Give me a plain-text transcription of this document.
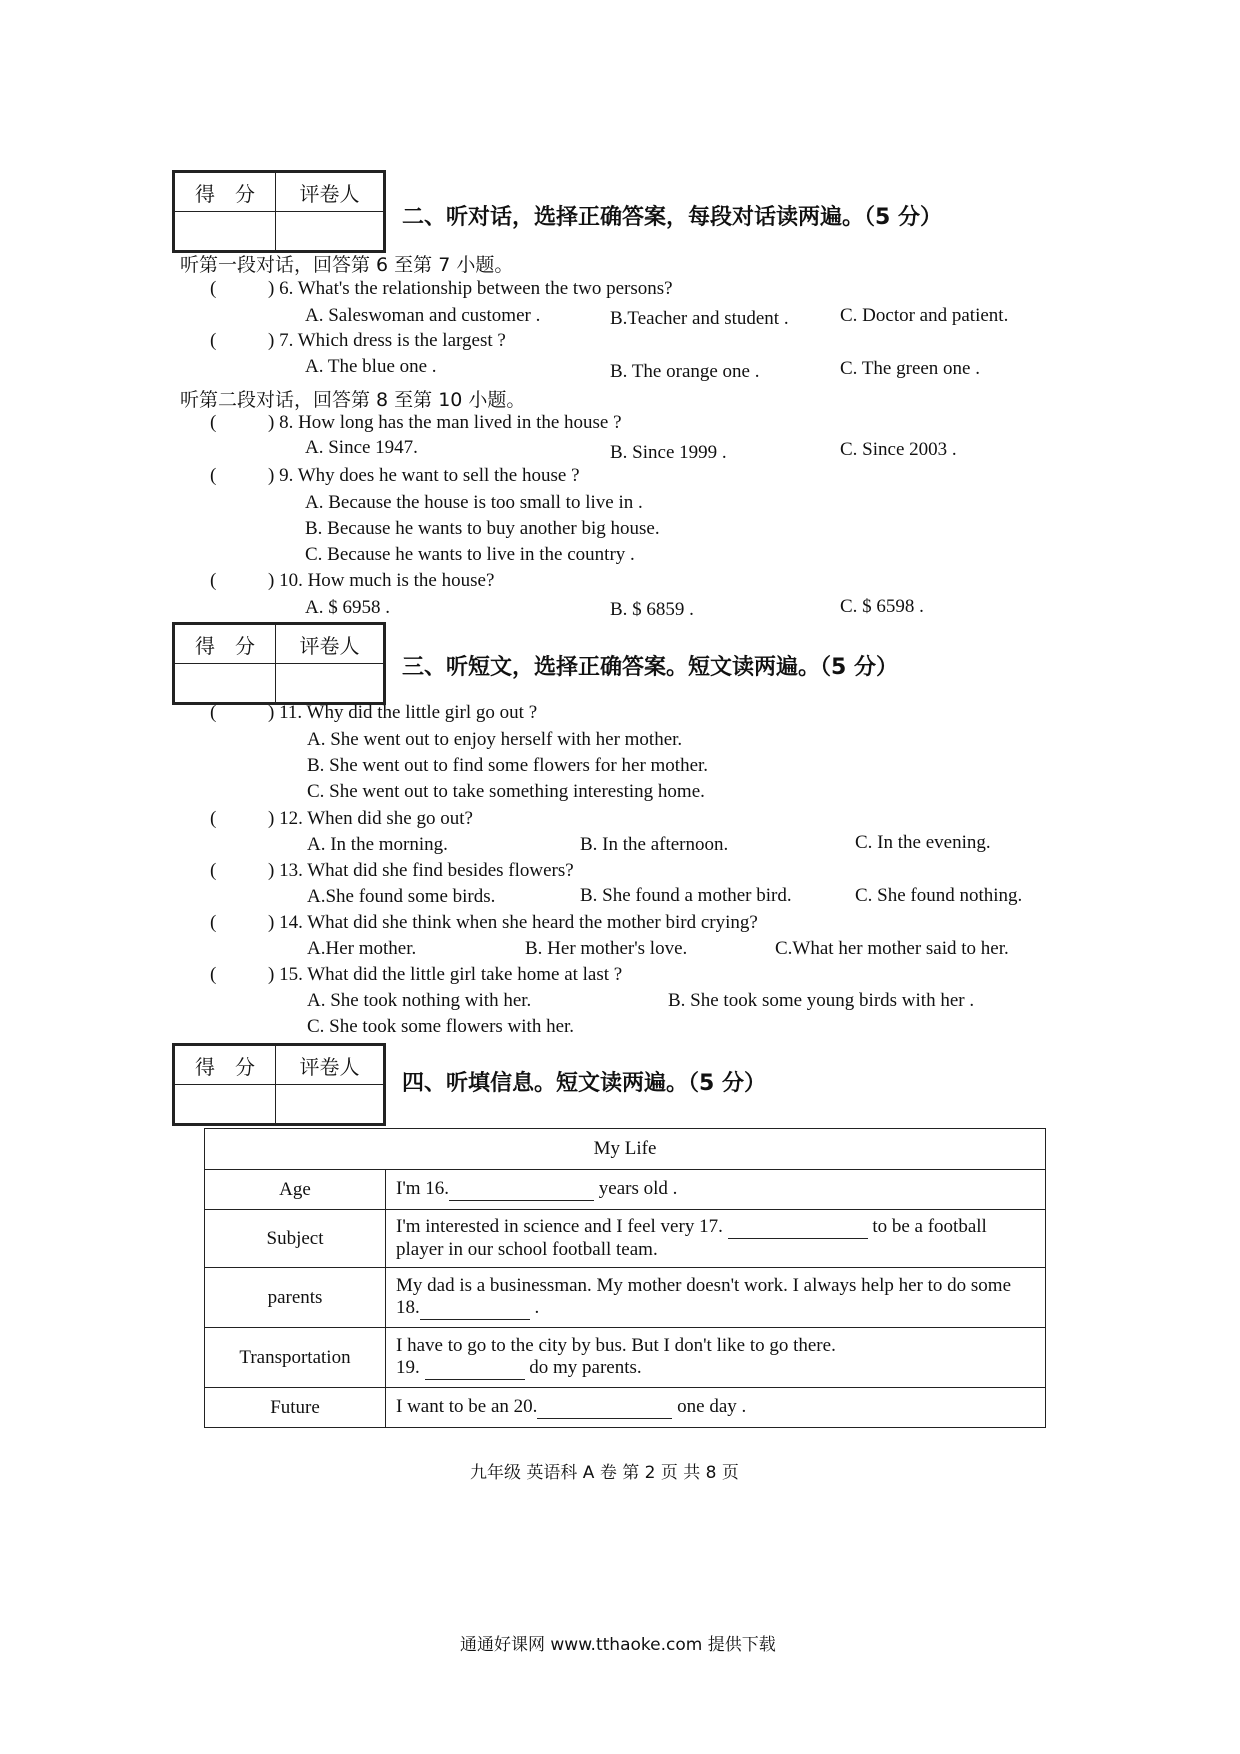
得　分	评卷人

二、听对话，选择正确答案，每段对话读两遍。（5 分）
听第一段对话，回答第 6 至第 7 小题。
(	) 6. What's the relationship between the two persons?
A. Saleswoman and customer .	B.Teacher and student .	C. Doctor and patient.
(	) 7. Which dress is the largest ?
A. The blue one .	B. The orange one .	C. The green one .
听第二段对话，回答第 8 至第 10 小题。
(	) 8. How long has the man lived in the house ?
A. Since 1947.	B. Since 1999 .	C. Since 2003 .
(	) 9. Why does he want to sell the house ?
A. Because the house is too small to live in .
B. Because he wants to buy another big house.
C. Because he wants to live in the country .
(	) 10. How much is the house?
A. $ 6958 .	B. $ 6859 .	C. $ 6598 .
得　分	评卷人

三、听短文，选择正确答案。短文读两遍。（5 分）
(	) 11. Why did the little girl go out ?
A. She went out to enjoy herself with her mother.
B. She went out to find some flowers for her mother.
C. She went out to take something interesting home.
(	) 12. When did she go out?
A. In the morning.	B. In the afternoon.	C. In the evening.
(	) 13. What did she find besides flowers?
A.She found some birds.	B. She found a mother bird.	C. She found nothing.
(	) 14. What did she think when she heard the mother bird crying?
A.Her mother.	B. Her mother's love.	C.What her mother said to her.
(	) 15. What did the little girl take home at last ?
A. She took nothing with her.	B. She took some young birds with her .
C. She took some flowers with her.
得　分	评卷人

四、听填信息。短文读两遍。（5 分）
My Life	
Age	I'm 16. years old .
Subject	I'm interested in science and I feel very 17. to be a football player in our school football team.
parents	My dad is a businessman. My mother doesn't work. I always help her to do some 18. .
Transportation	I have to go to the city by bus. But I don't like to go there.
19. do my parents.
Future	I want to be an 20. one day .
九年级 英语科 A 卷 第 2 页 共 8 页
通通好课网 www.tthaoke.com 提供下载
